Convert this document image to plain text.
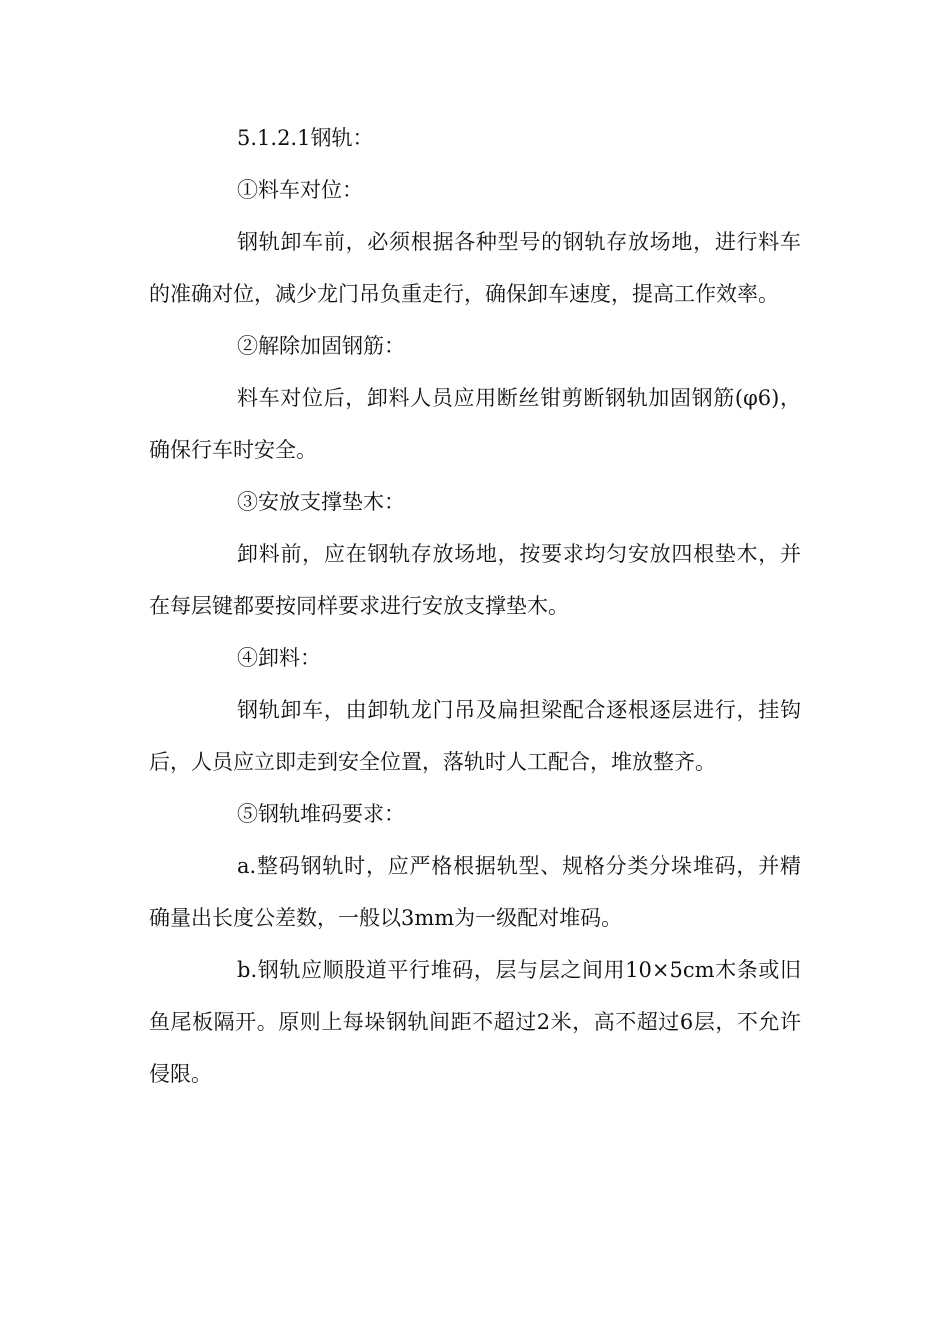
5.1.2.1钢轨：

①料车对位：

钢轨卸车前，必须根据各种型号的钢轨存放场地，进行料车的准确对位，减少龙门吊负重走行，确保卸车速度，提高工作效率。

②解除加固钢筋：

料车对位后，卸料人员应用断丝钳剪断钢轨加固钢筋(φ6)，确保行车时安全。

③安放支撑垫木：

卸料前，应在钢轨存放场地，按要求均匀安放四根垫木，并在每层键都要按同样要求进行安放支撑垫木。

④卸料：

钢轨卸车，由卸轨龙门吊及扁担梁配合逐根逐层进行，挂钩后，人员应立即走到安全位置，落轨时人工配合，堆放整齐。

⑤钢轨堆码要求：

a.整码钢轨时，应严格根据轨型、规格分类分垛堆码，并精确量出长度公差数，一般以3mm为一级配对堆码。

b.钢轨应顺股道平行堆码，层与层之间用10×5cm木条或旧鱼尾板隔开。原则上每垛钢轨间距不超过2米，高不超过6层，不允许侵限。
